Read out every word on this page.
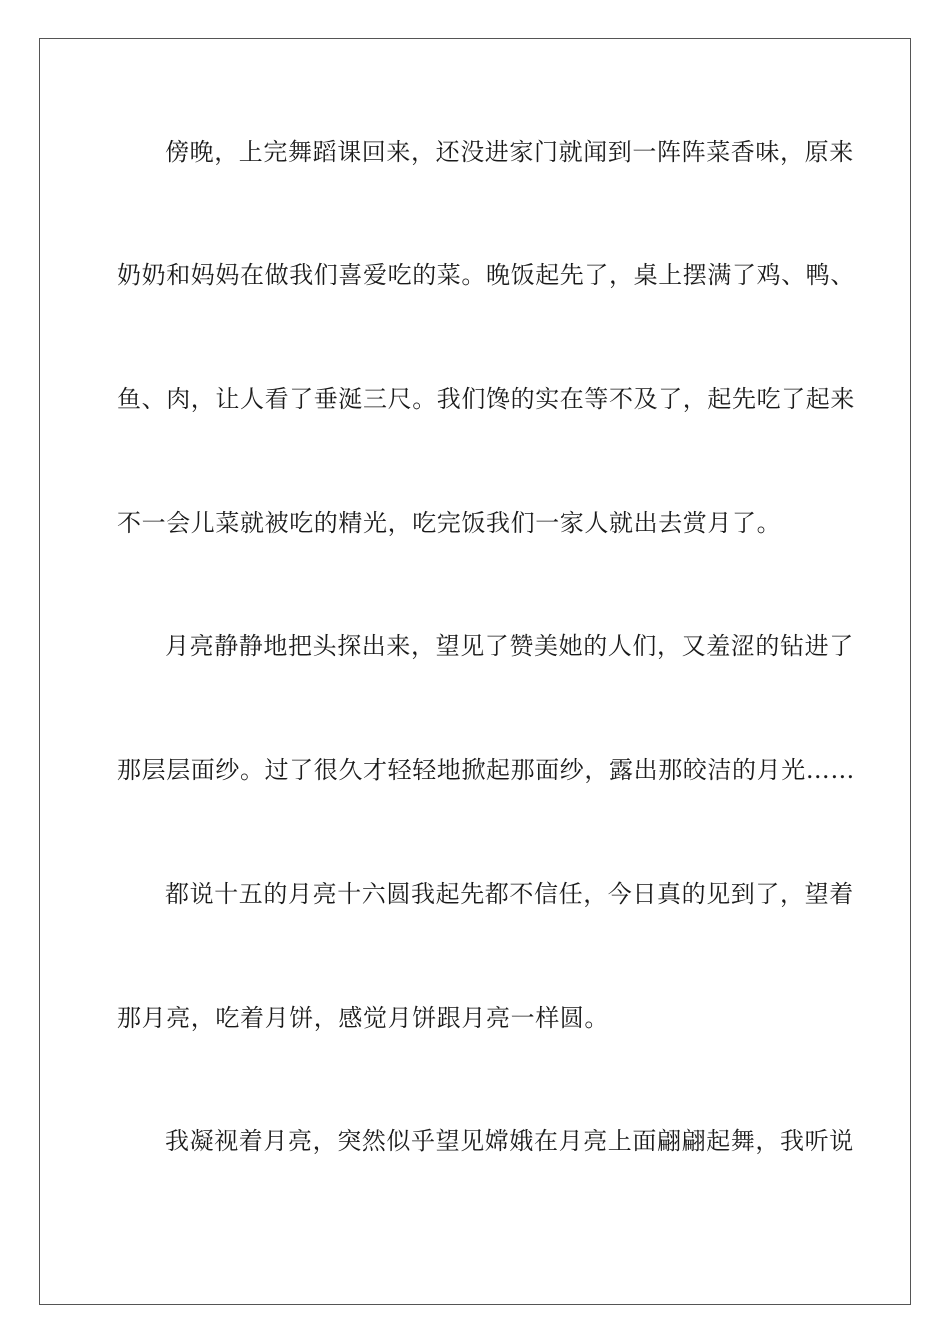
傍晚，上完舞蹈课回来，还没进家门就闻到一阵阵菜香味，原来
奶奶和妈妈在做我们喜爱吃的菜。晚饭起先了，桌上摆满了鸡、鸭、
鱼、肉，让人看了垂涎三尺。我们馋的实在等不及了，起先吃了起来
不一会儿菜就被吃的精光，吃完饭我们一家人就出去赏月了。
月亮静静地把头探出来，望见了赞美她的人们，又羞涩的钻进了
那层层面纱。过了很久才轻轻地掀起那面纱，露出那皎洁的月光……
都说十五的月亮十六圆我起先都不信任，今日真的见到了，望着
那月亮，吃着月饼，感觉月饼跟月亮一样圆。
我凝视着月亮，突然似乎望见嫦娥在月亮上面翩翩起舞，我听说
